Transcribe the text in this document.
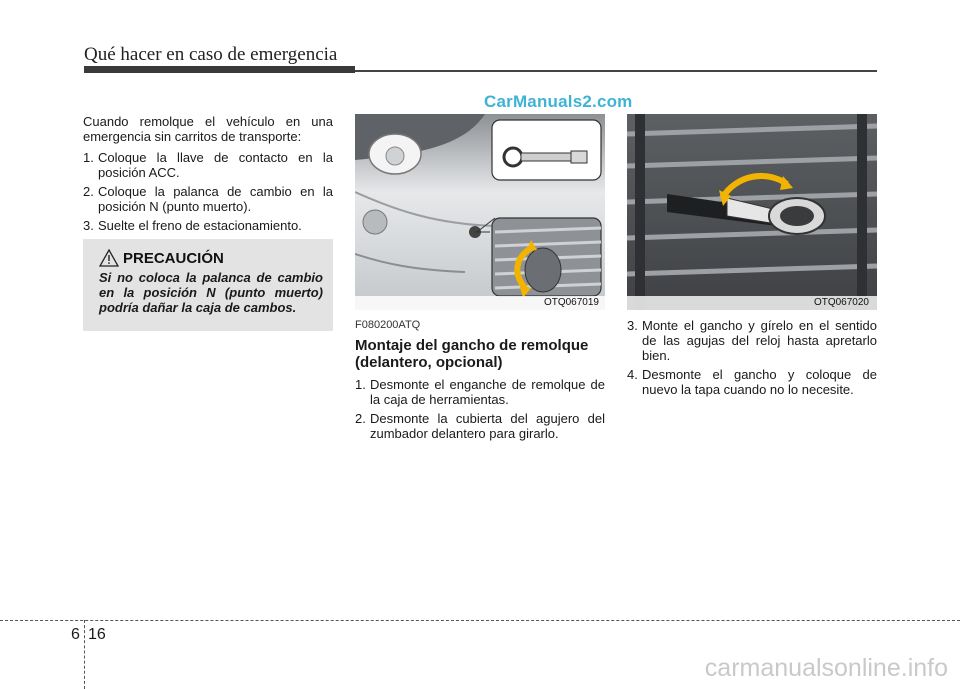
Qué hacer en caso de emergencia
CarManuals2.com

Cuando remolque el vehículo en una emergencia sin carritos de transporte:

1. Coloque la llave de contacto en la posición ACC.
2. Coloque la palanca de cambio en la posición N (punto muerto).
3. Suelte el freno de estacionamiento.
PRECAUCIÓN
Si no coloca la palanca de cambio en la posición N (punto muerto) podría dañar la caja de cambos.	OTQ067019	OTQ067020

F080200ATQ

Montaje del gancho de remolque (delantero, opcional)

1. Desmonte el enganche de remolque de la caja de herramientas.
2. Desmonte la cubierta del agujero del zumbador delantero para girarlo.
3. Monte el gancho y gírelo en el sentido de las agujas del reloj hasta apretarlo bien.
4. Desmonte el gancho y coloque de nuevo la tapa cuando no lo necesite.
6 16
carmanualsonline.info
